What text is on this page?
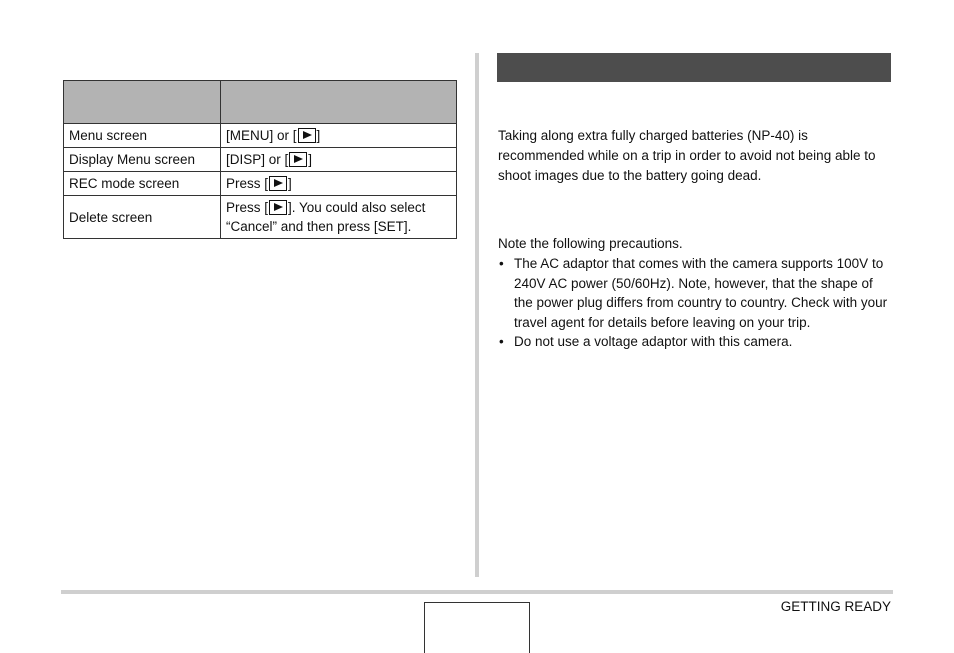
Menu screen	[MENU] or [ ]
Display Menu screen	[DISP] or [ ]
REC mode screen	Press [ ]
Delete screen	Press [ ]. You could also select “Cancel” and then press [SET].

Taking along extra fully charged batteries (NP-40) is recommended while on a trip in order to avoid not being able to shoot images due to the battery going dead.

Note the following precautions.

• The AC adaptor that comes with the camera supports 100V to 240V AC power (50/60Hz). Note, however, that the shape of the power plug differs from country to country. Check with your travel agent for details before leaving on your trip.
• Do not use a voltage adaptor with this camera.
GETTING READY
